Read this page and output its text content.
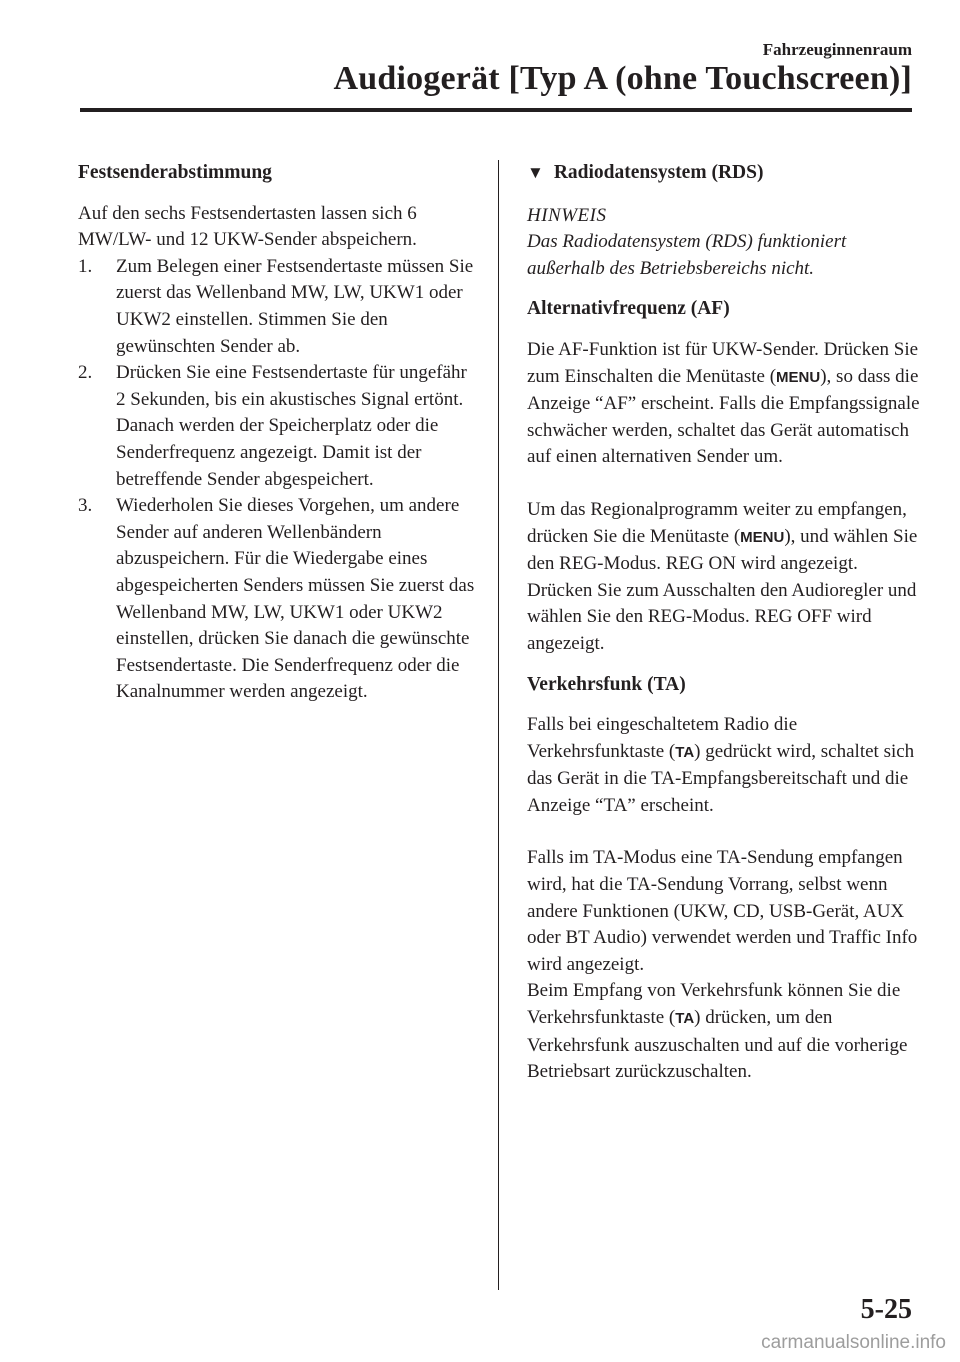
Fahrzeuginnenraum
Audiogerät [Typ A (ohne Touchscreen)]

Festsenderabstimmung

Auf den sechs Festsendertasten lassen sich 6 MW/LW- und 12 UKW-Sender abspeichern.

1. Zum Belegen einer Festsendertaste müssen Sie zuerst das Wellenband MW, LW, UKW1 oder UKW2 einstellen. Stimmen Sie den gewünschten Sender ab.
2. Drücken Sie eine Festsendertaste für ungefähr 2 Sekunden, bis ein akustisches Signal ertönt. Danach werden der Speicherplatz oder die Senderfrequenz angezeigt. Damit ist der betreffende Sender abgespeichert.
3. Wiederholen Sie dieses Vorgehen, um andere Sender auf anderen Wellenbändern abzuspeichern. Für die Wiedergabe eines abgespeicherten Senders müssen Sie zuerst das Wellenband MW, LW, UKW1 oder UKW2 einstellen, drücken Sie danach die gewünschte Festsendertaste. Die Senderfrequenz oder die Kanalnummer werden angezeigt.
▼ Radiodatensystem (RDS)

HINWEIS

Das Radiodatensystem (RDS) funktioniert außerhalb des Betriebsbereichs nicht.

Alternativfrequenz (AF)

Die AF-Funktion ist für UKW-Sender. Drücken Sie zum Einschalten die Menütaste (MENU), so dass die Anzeige “AF” erscheint. Falls die Empfangssignale schwächer werden, schaltet das Gerät automatisch auf einen alternativen Sender um.

Um das Regionalprogramm weiter zu empfangen, drücken Sie die Menütaste (MENU), und wählen Sie den REG-Modus. REG ON wird angezeigt. Drücken Sie zum Ausschalten den Audioregler und wählen Sie den REG-Modus. REG OFF wird angezeigt.

Verkehrsfunk (TA)

Falls bei eingeschaltetem Radio die Verkehrsfunktaste (TA) gedrückt wird, schaltet sich das Gerät in die TA-Empfangsbereitschaft und die Anzeige “TA” erscheint.

Falls im TA-Modus eine TA-Sendung empfangen wird, hat die TA-Sendung Vorrang, selbst wenn andere Funktionen (UKW, CD, USB-Gerät, AUX oder BT Audio) verwendet werden und Traffic Info wird angezeigt.

Beim Empfang von Verkehrsfunk können Sie die Verkehrsfunktaste (TA) drücken, um den Verkehrsfunk auszuschalten und auf die vorherige Betriebsart zurückzuschalten.

5-25
carmanualsonline.info
